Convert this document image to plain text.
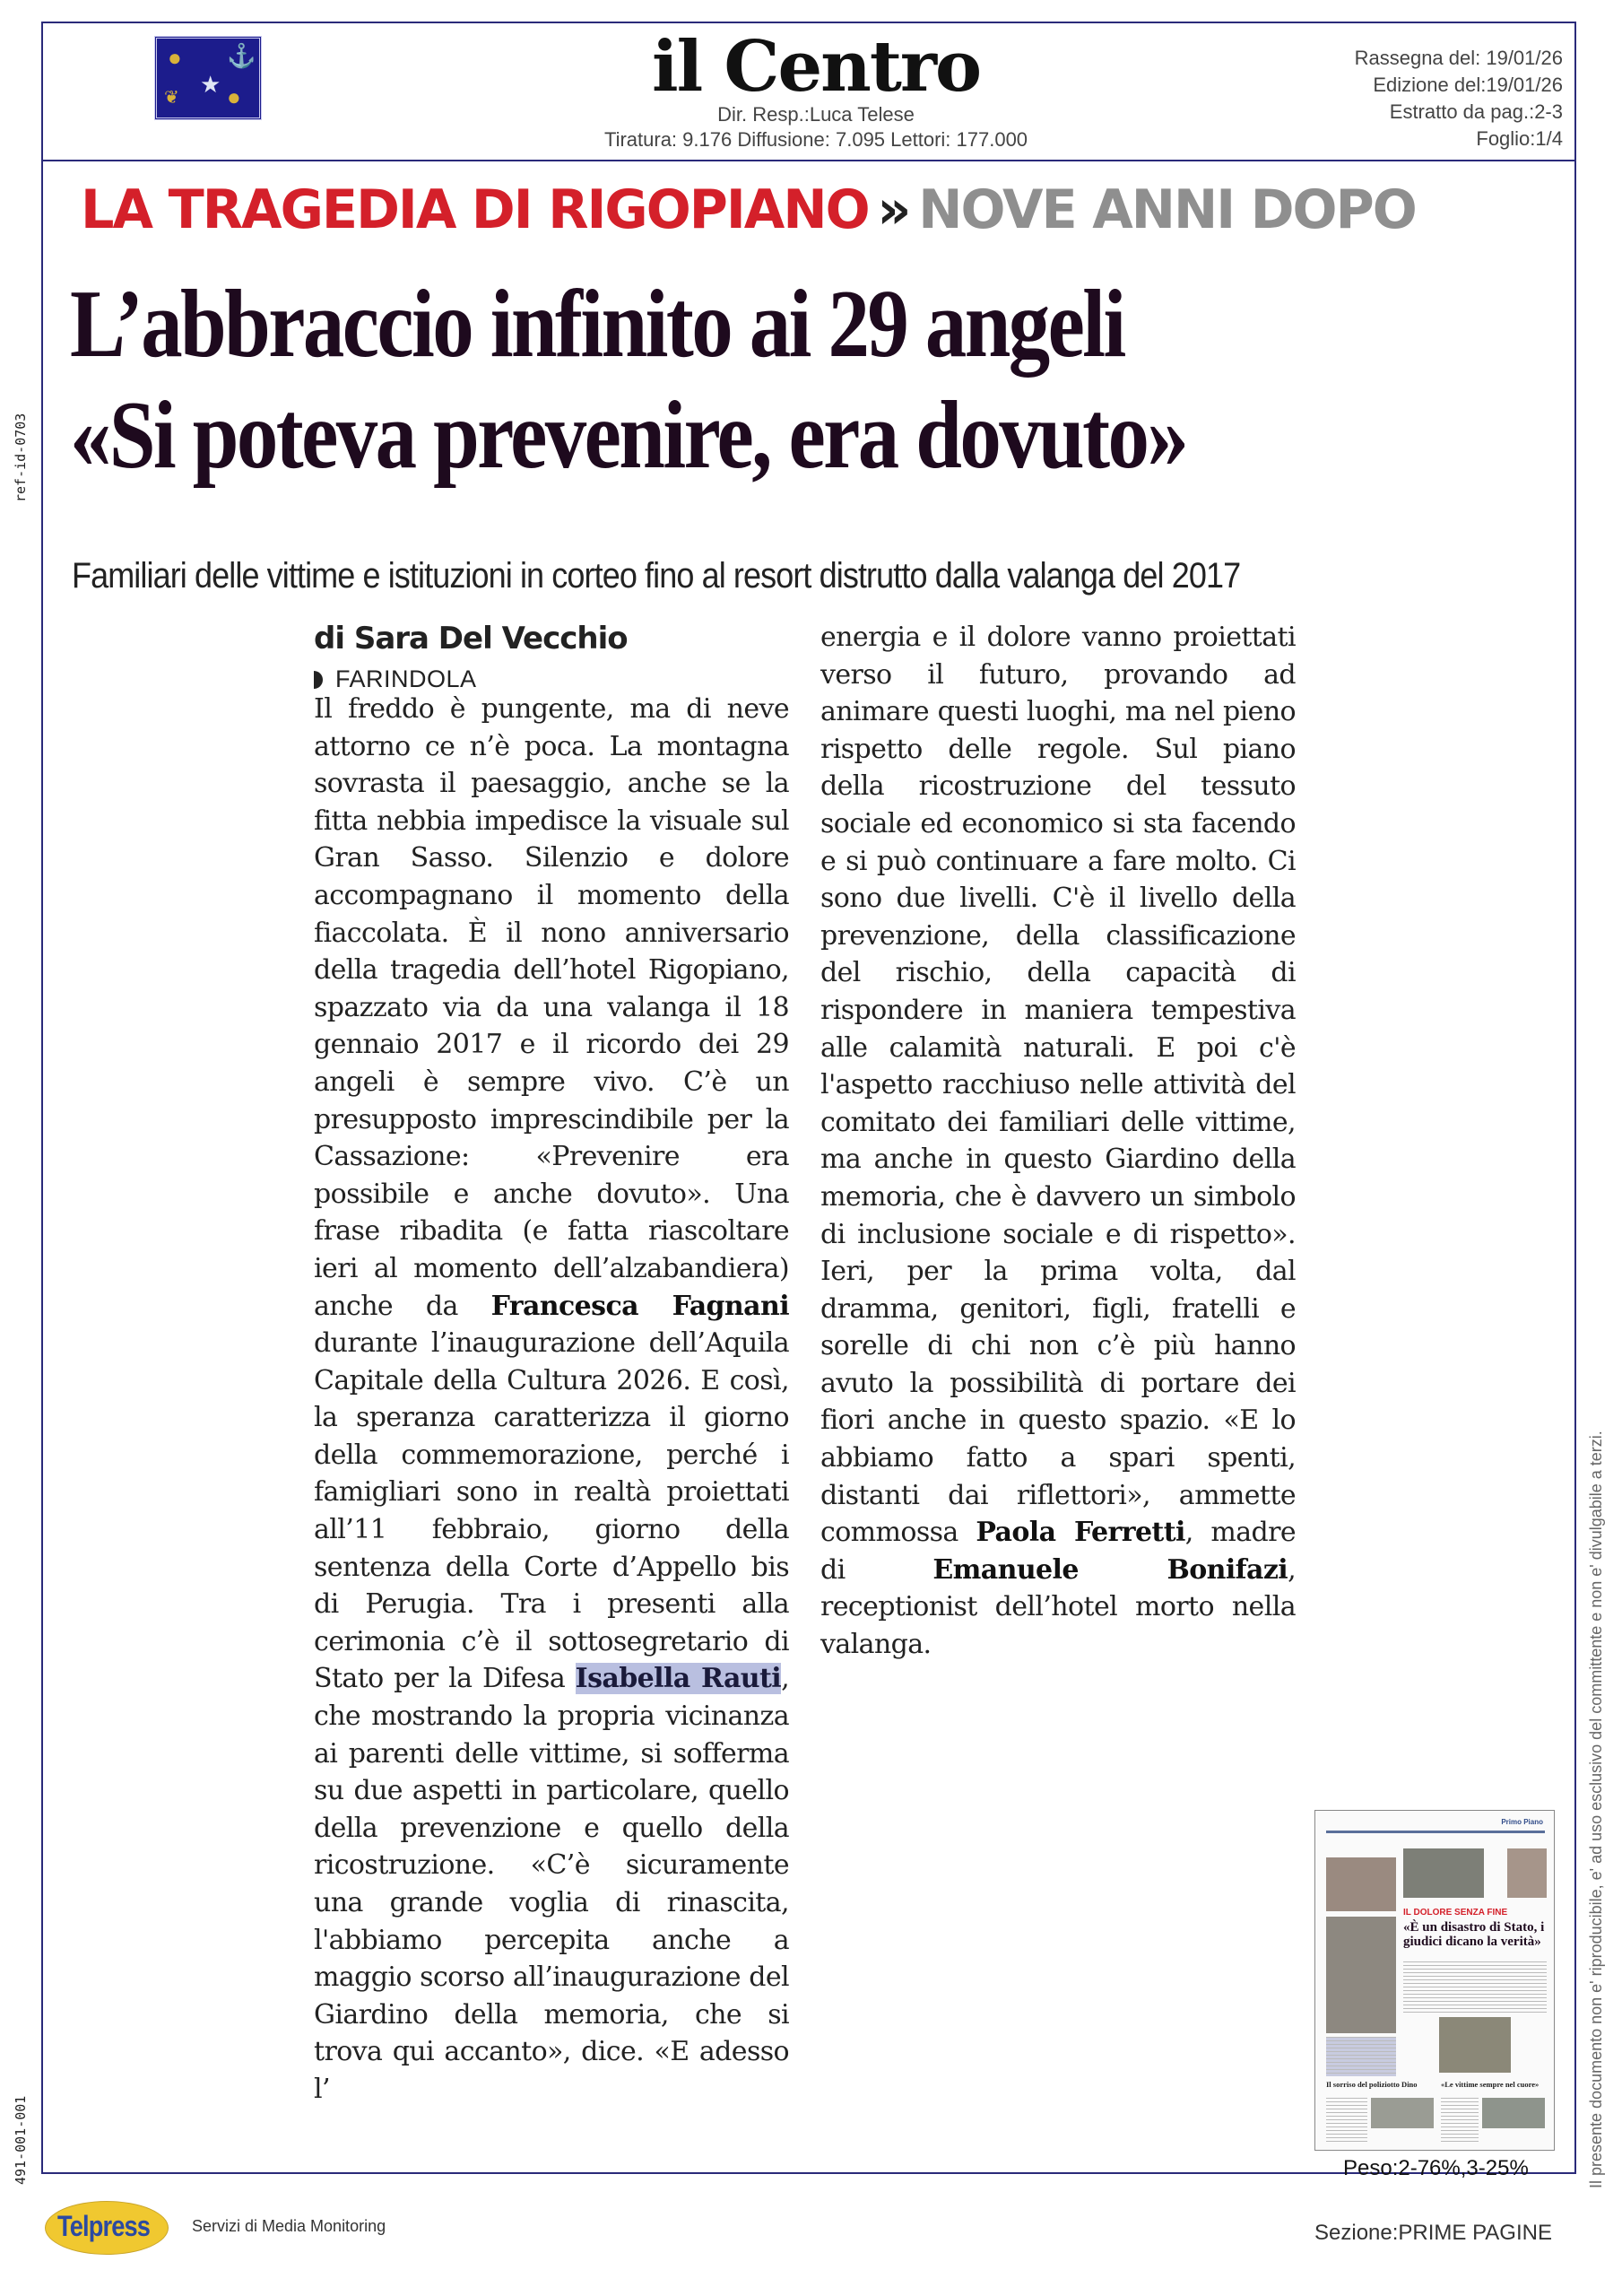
ref-id-0703
491-001-001	Il presente documento non e' riproducibile, e' ad uso esclusivo del committente e non e' divulgabile a terzi.
● ⚓
★
❦ ●	il Centro
Dir. Resp.:Luca Telese
Tiratura: 9.176 Diffusione: 7.095 Lettori: 177.000
Rassegna del: 19/01/26
Edizione del:19/01/26
Estratto da pag.:2-3
Foglio:1/4
LA TRAGEDIA DI RIGOPIANO » NOVE ANNI DOPO
L’abbraccio infinito ai 29 angeli
«Si poteva prevenire, era dovuto»
Familiari delle vittime e istituzioni in corteo fino al resort distrutto dalla valanga del 2017
di Sara Del Vecchio
FARINDOLA
Il freddo è pungente, ma di neve attorno ce n’è poca. La montagna sovrasta il paesaggio, anche se la fitta nebbia impedisce la visuale sul Gran Sasso. Silenzio e dolore accompagnano il momento della fiaccolata. È il nono anniversario della tragedia dell’hotel Rigopiano, spazzato via da una valanga il 18 gennaio 2017 e il ricordo dei 29 angeli è sempre vivo. C’è un presupposto imprescindibile per la Cassazione: «Prevenire era possibile e anche dovuto». Una frase ribadita (e fatta riascoltare ieri al momento dell’alzabandiera) anche da Francesca Fagnani durante l’inaugurazione dell’Aquila Capitale della Cultura 2026. E così, la speranza caratterizza il giorno della commemorazione, perché i famigliari sono in realtà proiettati all’11 febbraio, giorno della sentenza della Corte d’Appello bis di Perugia. Tra i presenti alla cerimonia c’è il sottosegretario di Stato per la Difesa Isabella Rauti, che mostrando la propria vicinanza ai parenti delle vittime, si sofferma su due aspetti in particolare, quello della prevenzione e quello della ricostruzione. «C’è sicuramente una grande voglia di rinascita, l'abbiamo percepita anche a maggio scorso all’inaugurazione del Giardino della memoria, che si trova qui accanto», dice. «E adesso l’
energia e il dolore vanno proiettati verso il futuro, provando ad animare questi luoghi, ma nel pieno rispetto delle regole. Sul piano della ricostruzione del tessuto sociale ed economico si sta facendo e si può continuare a fare molto. Ci sono due livelli. C'è il livello della prevenzione, della classificazione del rischio, della capacità di rispondere in maniera tempestiva alle calamità naturali. E poi c'è l'aspetto racchiuso nelle attività del comitato dei familiari delle vittime, ma anche in questo Giardino della memoria, che è davvero un simbolo di inclusione sociale e di rispetto». Ieri, per la prima volta, dal dramma, genitori, figli, fratelli e sorelle di chi non c’è più hanno avuto la possibilità di portare dei fiori anche in questo spazio. «E lo abbiamo fatto a spari spenti, distanti dai riflettori», ammette commossa Paola Ferretti, madre di	Emanuele Bonifazi, receptionist dell’hotel morto nella valanga.
Primo Piano
IL DOLORE SENZA FINE
«È un disastro di Stato, i giudici dicano la verità»
Il sorriso del poliziotto Dino	«Le vittime sempre nel cuore»
Peso:2-76%,3-25%
Telpress	Servizi di Media Monitoring	Sezione:PRIME PAGINE
